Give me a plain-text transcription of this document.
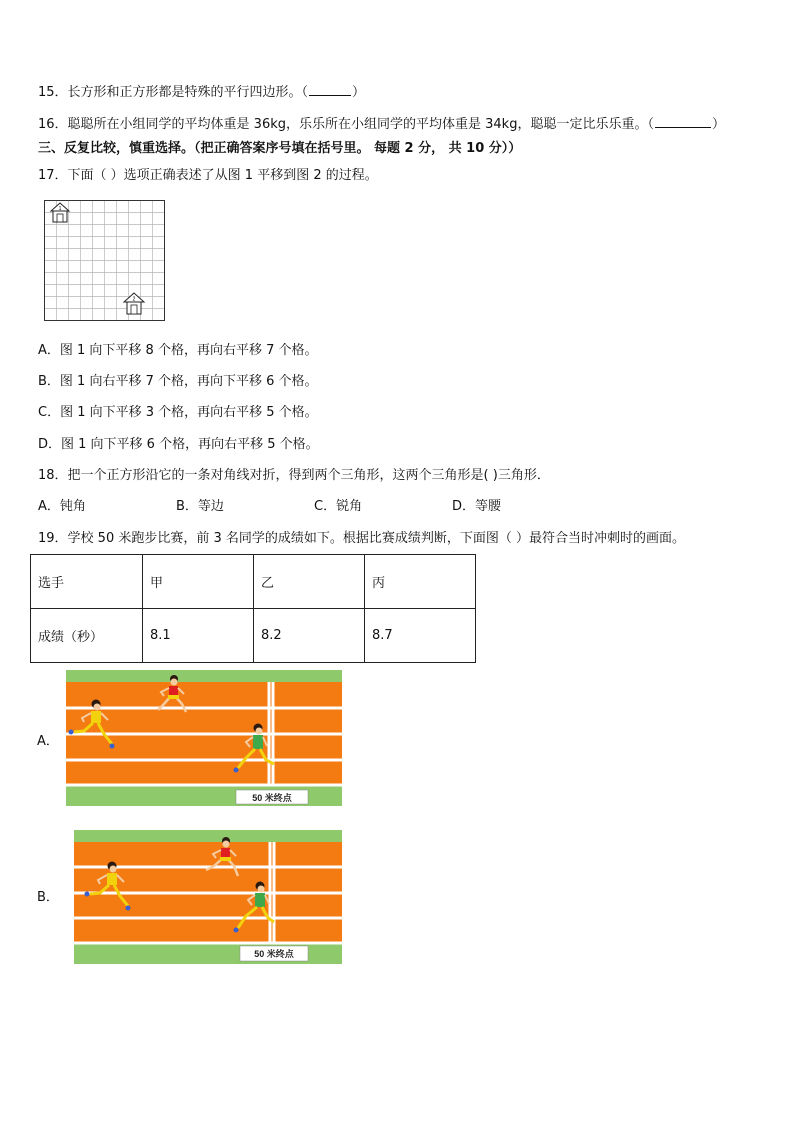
15．长方形和正方形都是特殊的平行四边形。（	）
16．聪聪所在小组同学的平均体重是 36kg，乐乐所在小组同学的平均体重是 34kg，聪聪一定比乐乐重。（	）
三、反复比较，慎重选择。（把正确答案序号填在括号里。 每题 2 分， 共 10 分））
17．下面（ ）选项正确表述了从图 1 平移到图 2 的过程。
1
2
A．图 1 向下平移 8 个格，再向右平移 7 个格。
B．图 1 向右平移 7 个格，再向下平移 6 个格。
C．图 1 向下平移 3 个格，再向右平移 5 个格。
D．图 1 向下平移 6 个格，再向右平移 5 个格。
18．把一个正方形沿它的一条对角线对折，得到两个三角形，这两个三角形是( )三角形．
A．钝角	B．等边	C．锐角	D．等腰
19．学校 50 米跑步比赛，前 3 名同学的成绩如下。根据比赛成绩判断，下面图（ ）最符合当时冲刺时的画面。
选手	甲	乙	丙
成绩（秒）	8.1	8.2	8.7
A．
50 米终点
B．
50 米终点
